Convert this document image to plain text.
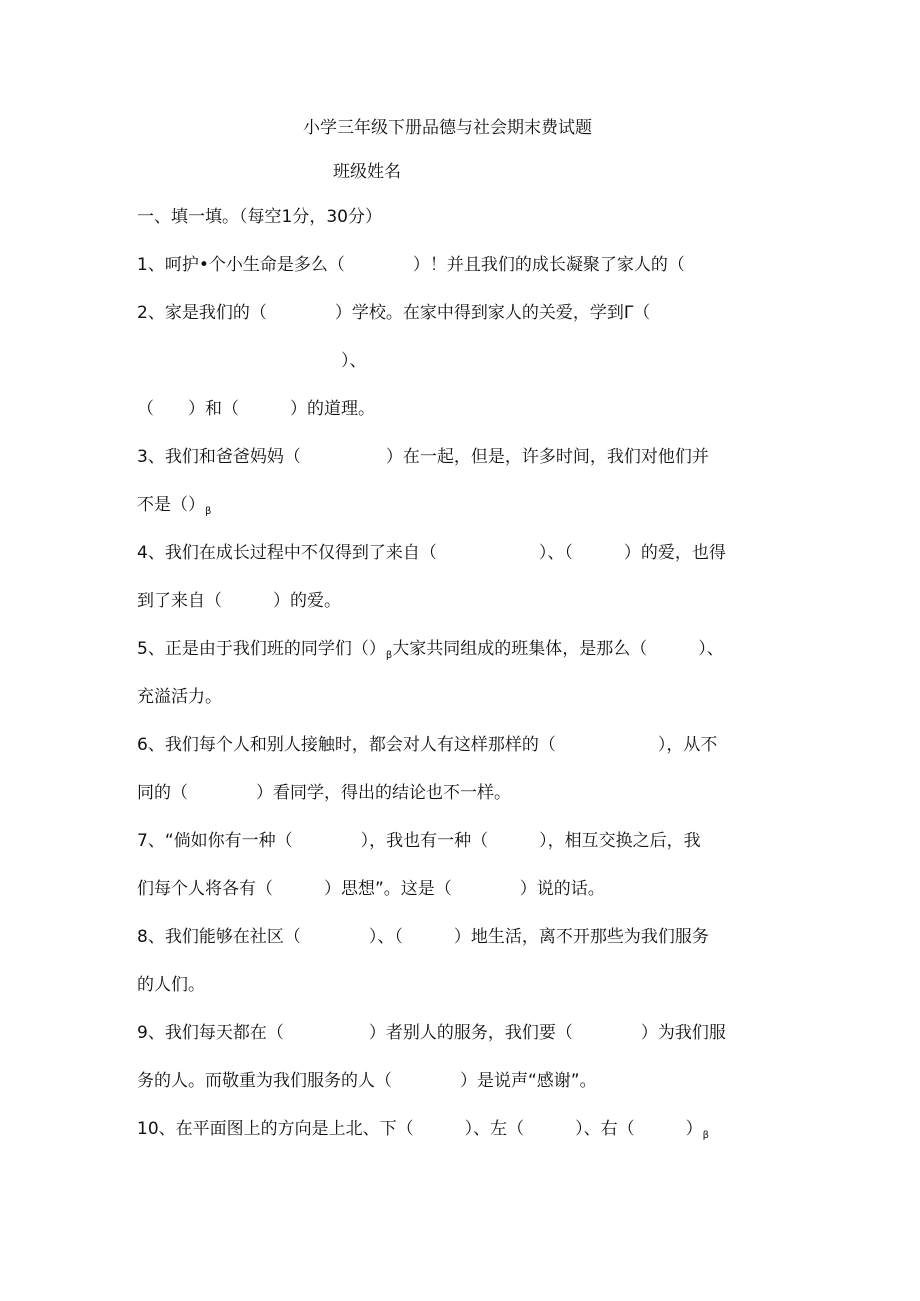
小学三年级下册品德与社会期末费试题
班级姓名
一、填一填。（每空1分，30分）
1、呵护•个小生命是多么（　　　　）！并且我们的成长凝聚了家人的（
2、家是我们的（　　　　）学校。在家中得到家人的关爱，学到Γ（
）、
（　　）和（　　　）的道理。
3、我们和爸爸妈妈（　　　　　）在一起，但是，许多时间，我们对他们并
不是$()_\beta$
4、我们在成长过程中不仅得到了来自（　　　　　　）、（　　　）的爱，也得
到了来自（　　　）的爱。
5、正是由于我们班的同学们$()_\beta$大家共同组成的班集体，是那么（　　　）、
充溢活力。
6、我们每个人和别人接触时，都会对人有这样那样的（　　　　　　），从不
同的（　　　　）看同学，得出的结论也不一样。
7、“倘如你有一种（　　　　），我也有一种（　　　），相互交换之后，我
们每个人将各有（　　　）思想”。这是（　　　　）说的话。
8、我们能够在社区（　　　　）、（　　　）地生活，离不开那些为我们服务
的人们。
9、我们每天都在（　　　　　）者别人的服务，我们要（　　　　）为我们服
务的人。而敬重为我们服务的人（　　　　）是说声“感谢”。
10、在平面图上的方向是上北、下（　　　）、左（　　　）、右（　　　）$_\beta$
